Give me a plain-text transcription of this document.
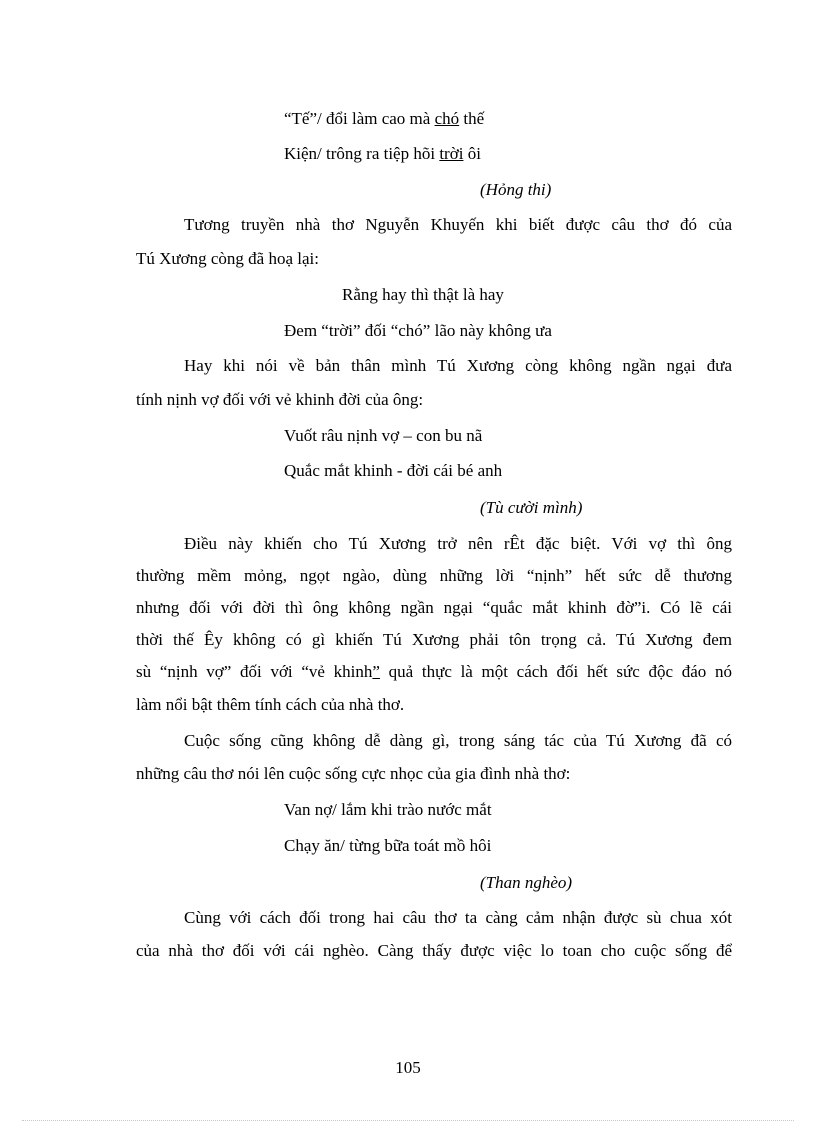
“Tế”/ đổi làm cao mà chó thế
Kiện/ trông ra tiệp hõi trời ôi
(Hỏng thi)
Tương truyền nhà thơ Nguyễn Khuyến khi biết được câu thơ đó của
Tú Xương còng đã hoạ lại:
Rằng hay thì thật là hay
Đem “trời” đối “chó” lão này không ưa
Hay khi nói về bản thân mình Tú Xương còng không ngần ngại đưa
tính nịnh vợ đối với vẻ khinh đời của ông:
Vuốt râu nịnh vợ – con bu nã
Quắc mắt khinh - đời cái bé anh
(Tù cười mình)
Điều này khiến cho Tú Xương trở nên rÊt đặc biệt. Với vợ thì ông
thường mềm mỏng, ngọt ngào, dùng những lời “nịnh” hết sức dễ thương
nhưng đối với đời thì ông không ngần ngại “quắc mắt khinh đờ”i. Có lẽ cái
thời thế Êy không có gì khiến Tú Xương phải tôn trọng cả. Tú Xương đem
sù “nịnh vợ” đối với “vẻ khinh” quả thực là một cách đối hết sức độc đáo nó
làm nổi bật thêm tính cách của nhà thơ.
Cuộc sống cũng không dễ dàng gì, trong sáng tác của Tú Xương đã có
những câu thơ nói lên cuộc sống cực nhọc của gia đình nhà thơ:
Van nợ/ lắm khi trào nước mắt
Chạy ăn/ từng bữa toát mồ hôi
(Than nghèo)
Cùng với cách đối trong hai câu thơ ta càng cảm nhận được sù chua xót
của nhà thơ đối với cái nghèo. Càng thấy được việc lo toan cho cuộc sống để
105
